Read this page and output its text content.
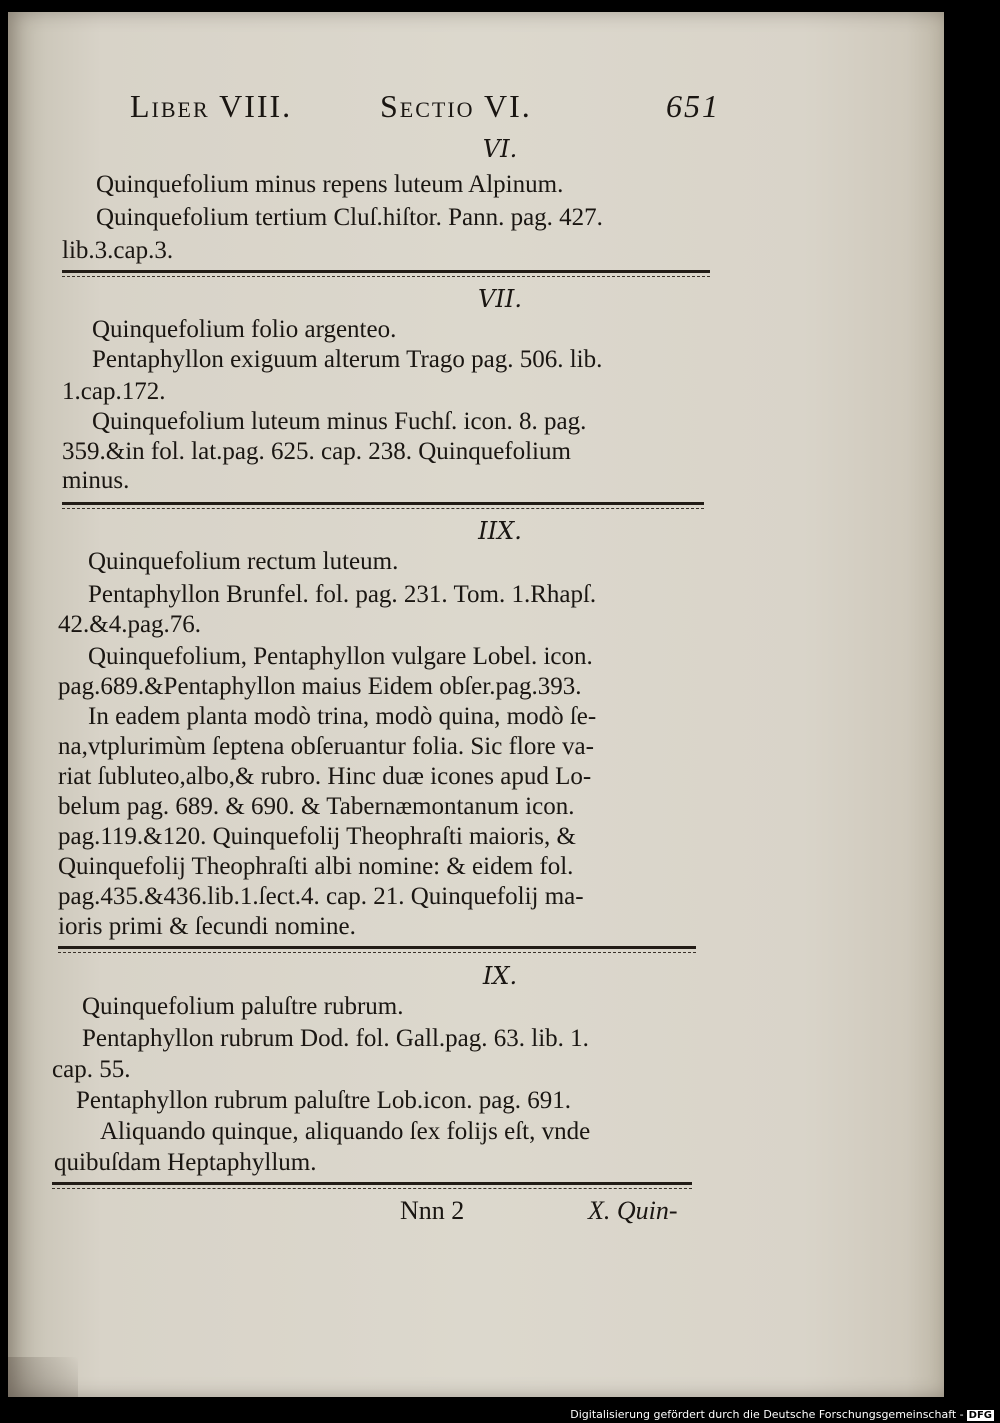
Liber VIII.	Sectio VI.	651
VI.
Quinquefolium minus repens luteum Alpinum.
Quinquefolium tertium Cluſ.hiſtor. Pann. pag. 427.
lib.3.cap.3.
VII.
Quinquefolium folio argenteo.
Pentaphyllon exiguum alterum Trago pag. 506. lib.
1.cap.172.
Quinquefolium luteum minus Fuchſ. icon. 8. pag.
359.&in fol. lat.pag. 625. cap. 238. Quinquefolium
minus.
IIX.
Quinquefolium rectum luteum.
Pentaphyllon Brunfel. fol. pag. 231. Tom. 1.Rhapſ.
42.&4.pag.76.
Quinquefolium, Pentaphyllon vulgare Lobel. icon.
pag.689.&Pentaphyllon maius Eidem obſer.pag.393.
In eadem planta modò trina, modò quina, modò ſe-
na,vtplurimùm ſeptena obſeruantur folia. Sic flore va-
riat ſubluteo,albo,& rubro. Hinc duæ icones apud Lo-
belum pag. 689. & 690. & Tabernæmontanum icon.
pag.119.&120. Quinquefolij Theophraſti maioris, &
Quinquefolij Theophraſti albi nomine: & eidem fol.
pag.435.&436.lib.1.ſect.4. cap. 21. Quinquefolij ma-
ioris primi & ſecundi nomine.
IX.
Quinquefolium paluſtre rubrum.
Pentaphyllon rubrum Dod. fol. Gall.pag. 63. lib. 1.
cap. 55.
Pentaphyllon rubrum paluſtre Lob.icon. pag. 691.
Aliquando quinque, aliquando ſex folijs eſt, vnde
quibuſdam Heptaphyllum.
Nnn 2	X. Quin-
Digitalisierung gefördert durch die Deutsche Forschungsgemeinschaft - DFG
